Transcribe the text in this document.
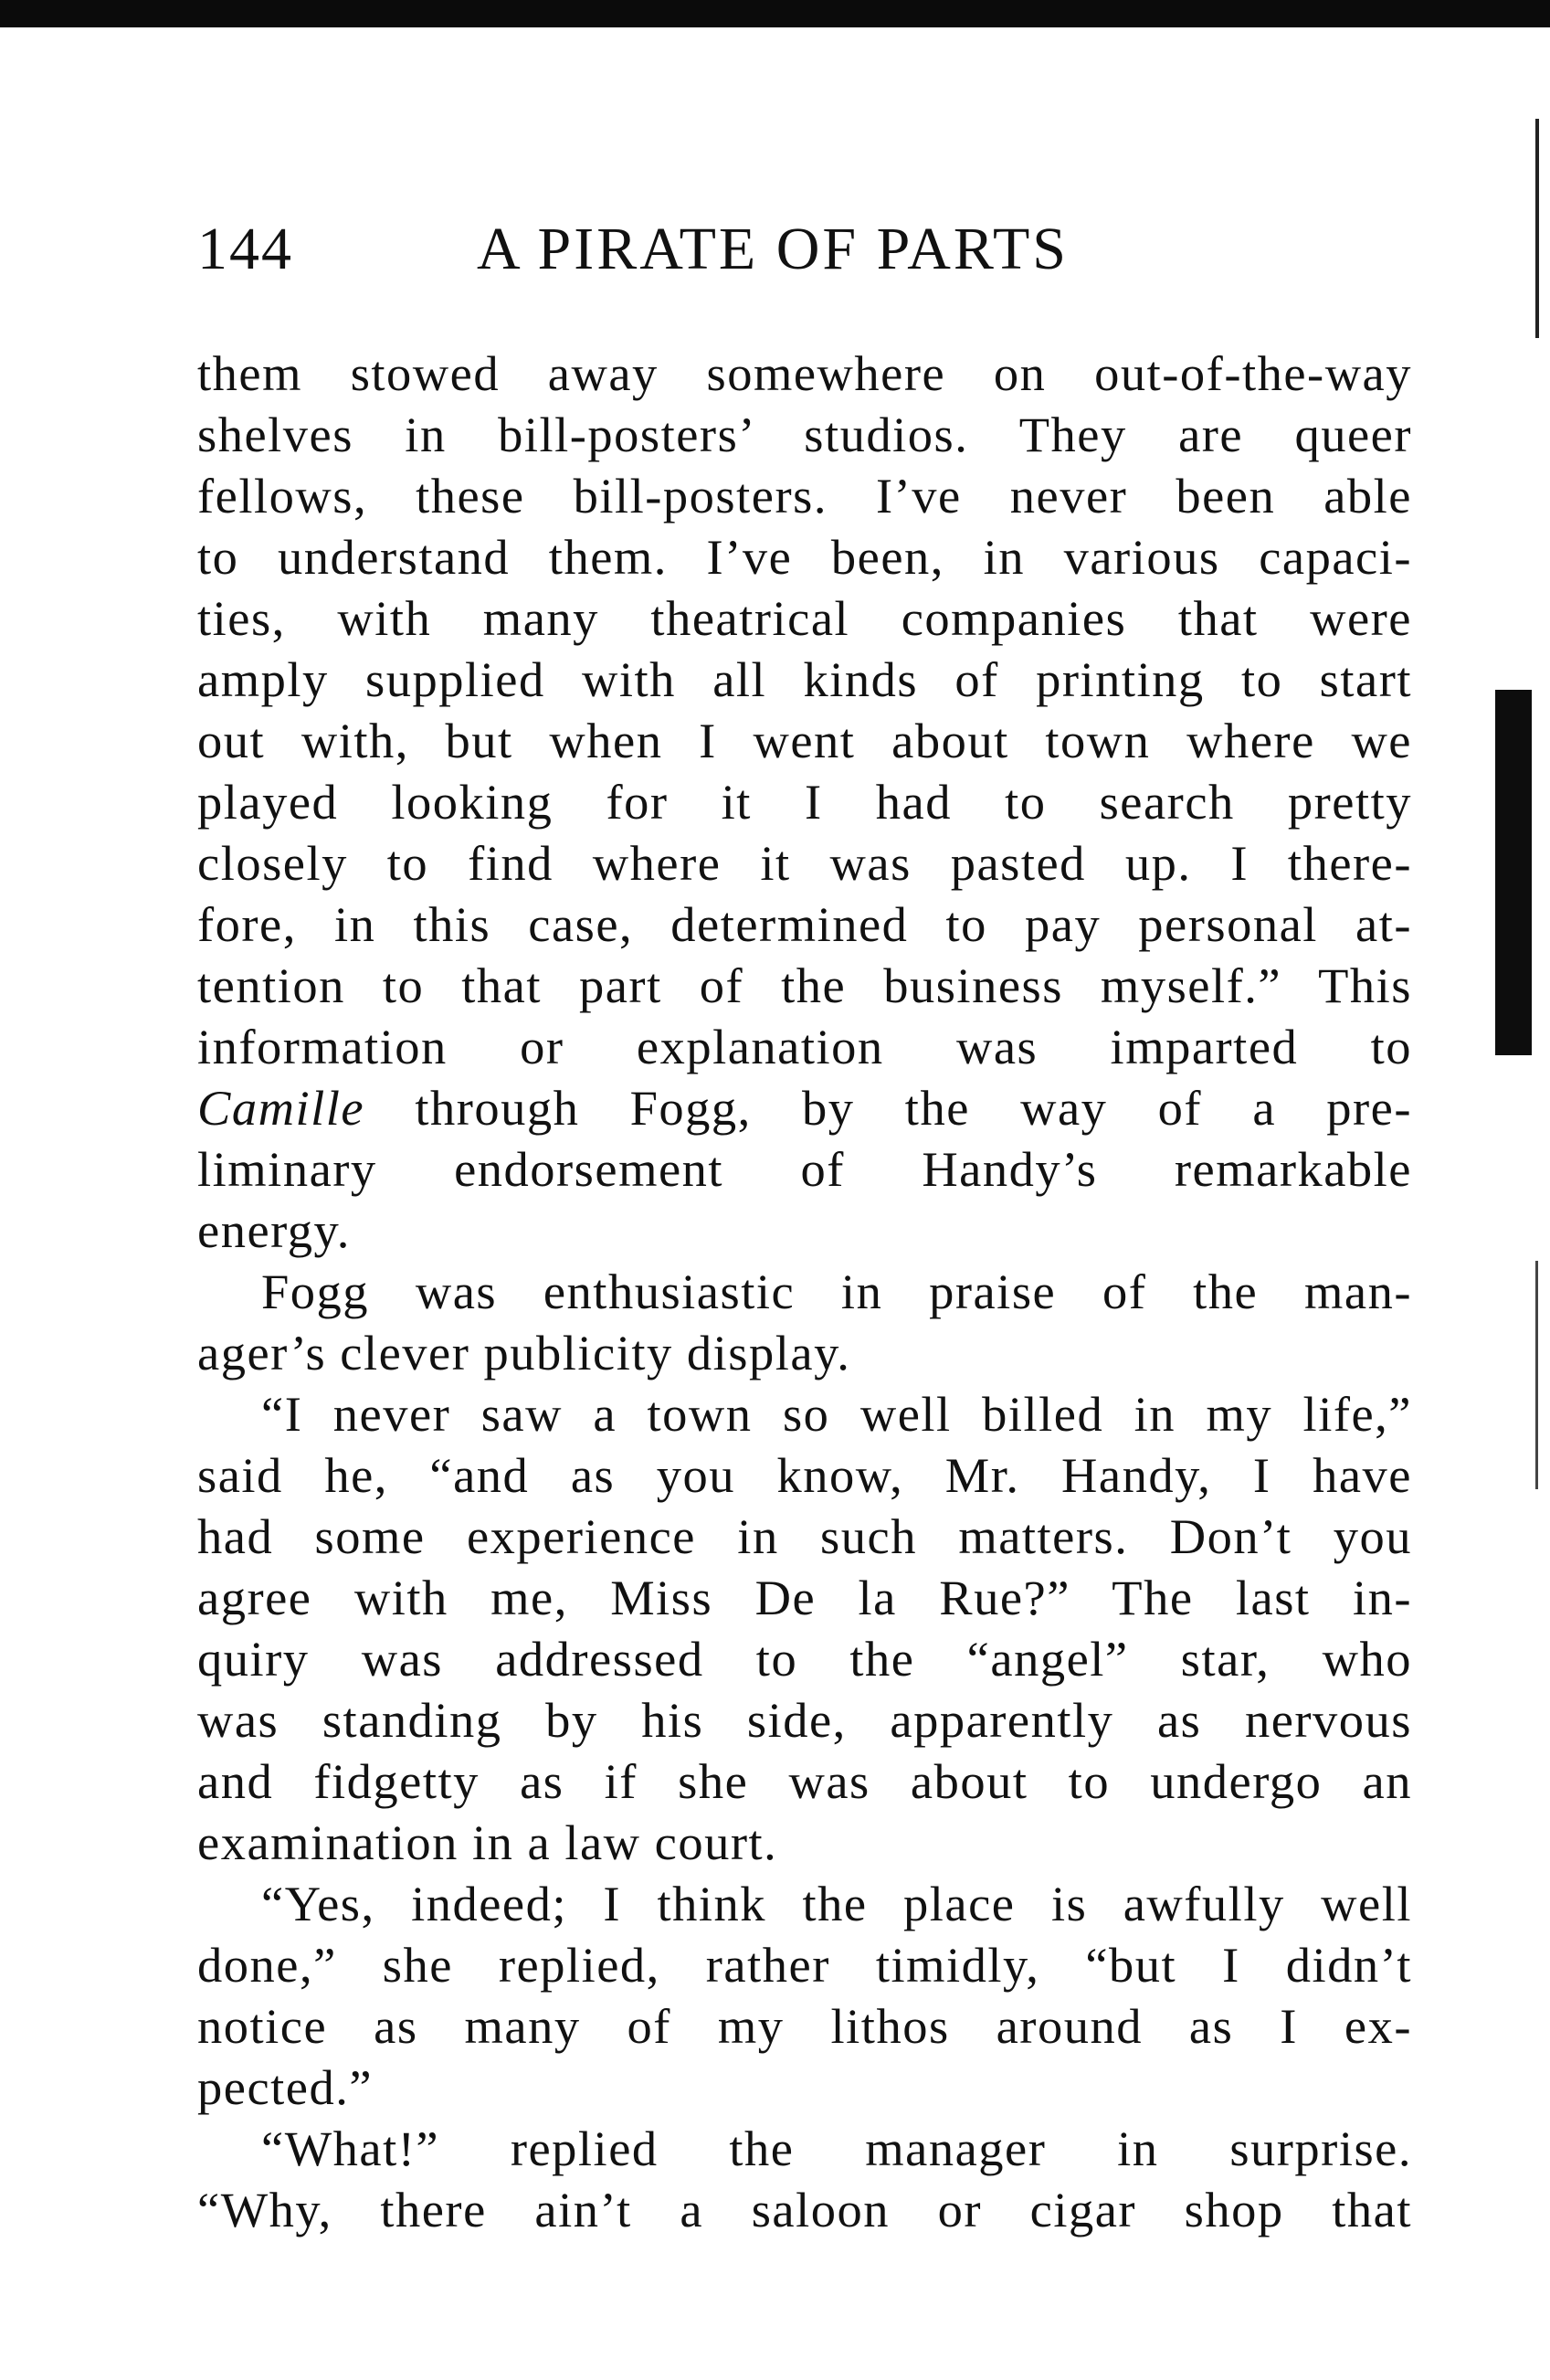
144	A PIRATE OF PARTS
them stowed away somewhere on out-of-the-way
shelves in bill-posters’ studios. They are queer
fellows, these bill-posters. I’ve never been able
to understand them. I’ve been, in various capaci-
ties, with many theatrical companies that were
amply supplied with all kinds of printing to start
out with, but when I went about town where we
played looking for it I had to search pretty
closely to find where it was pasted up. I there-
fore, in this case, determined to pay personal at-
tention to that part of the business myself.” This
information or explanation was imparted to
Camille through Fogg, by the way of a pre-
liminary endorsement of Handy’s remarkable
energy.
Fogg was enthusiastic in praise of the man-
ager’s clever publicity display.
“I never saw a town so well billed in my life,”
said he, “and as you know, Mr. Handy, I have
had some experience in such matters. Don’t you
agree with me, Miss De la Rue?” The last in-
quiry was addressed to the “angel” star, who
was standing by his side, apparently as nervous
and fidgetty as if she was about to undergo an
examination in a law court.
“Yes, indeed; I think the place is awfully well
done,” she replied, rather timidly, “but I didn’t
notice as many of my lithos around as I ex-
pected.”
“What!” replied the manager in surprise.
“Why, there ain’t a saloon or cigar shop that
